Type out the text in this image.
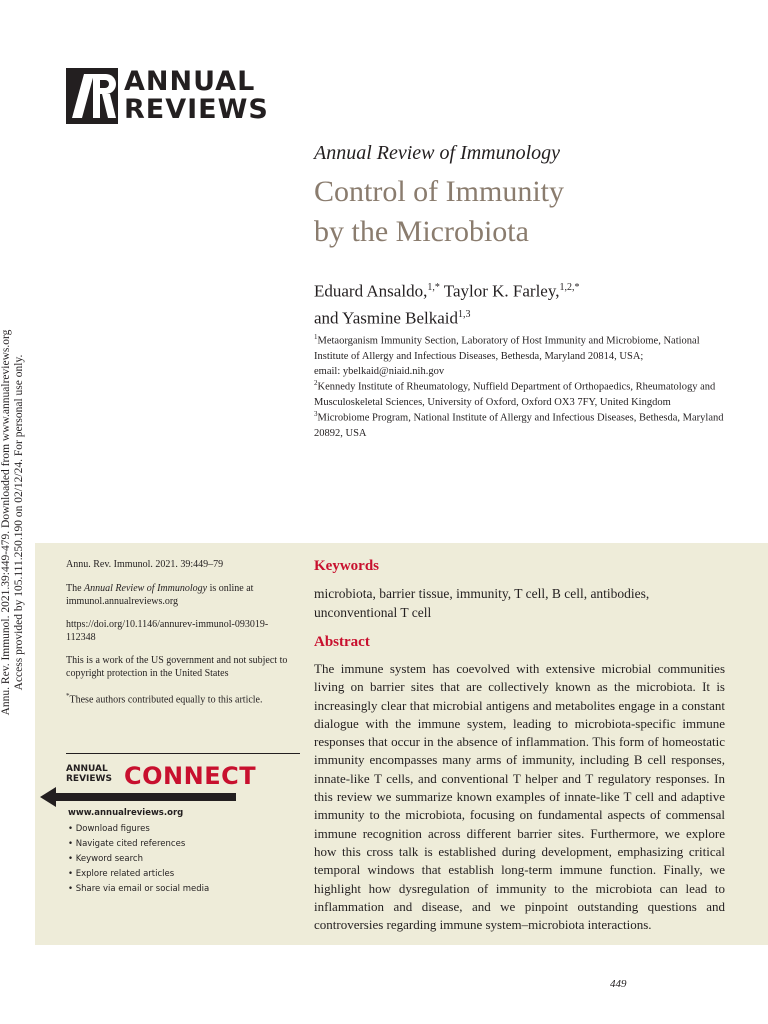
ANNUAL
REVIEWS
Annu. Rev. Immunol. 2021.39:449-479. Downloaded from www.annualreviews.org Access provided by 105.111.250.190 on 02/12/24. For personal use only.
Annual Review of Immunology
Control of Immunity
by the Microbiota
Eduard Ansaldo,$^{1,*}$ Taylor K. Farley,$^{1,2,*}$
and Yasmine Belkaid$^{1,3}$
$^1$Metaorganism Immunity Section, Laboratory of Host Immunity and Microbiome, National Institute of Allergy and Infectious Diseases, Bethesda, Maryland 20814, USA;
email: ybelkaid@niaid.nih.gov
$^2$Kennedy Institute of Rheumatology, Nuffield Department of Orthopaedics, Rheumatology and Musculoskeletal Sciences, University of Oxford, Oxford OX3 7FY, United Kingdom
$^3$Microbiome Program, National Institute of Allergy and Infectious Diseases, Bethesda, Maryland 20892, USA

Annu. Rev. Immunol. 2021. 39:449–79

The Annual Review of Immunology is online at immunol.annualreviews.org

https://doi.org/10.1146/annurev-immunol-093019-112348

This is a work of the US government and not subject to copyright protection in the United States

*These authors contributed equally to this article.

ANNUAL
REVIEWS CONNECT
www.annualreviews.org
• Download figures
• Navigate cited references
• Keyword search
• Explore related articles
• Share via email or social media
Keywords
microbiota, barrier tissue, immunity, T cell, B cell, antibodies, unconventional T cell
Abstract
The immune system has coevolved with extensive microbial communities living on barrier sites that are collectively known as the microbiota. It is increasingly clear that microbial antigens and metabolites engage in a constant dialogue with the immune system, leading to microbiota-specific immune responses that occur in the absence of inflammation. This form of homeostatic immunity encompasses many arms of immunity, including B cell responses, innate-like T cells, and conventional T helper and T regulatory responses. In this review we summarize known examples of innate-like T cell and adaptive immunity to the microbiota, focusing on fundamental aspects of commensal immune recognition across different barrier sites. Furthermore, we explore how this cross talk is established during development, emphasizing critical temporal windows that establish long-term immune function. Finally, we highlight how dysregulation of immunity to the microbiota can lead to inflammation and disease, and we pinpoint outstanding questions and controversies regarding immune system–microbiota interactions.
449
